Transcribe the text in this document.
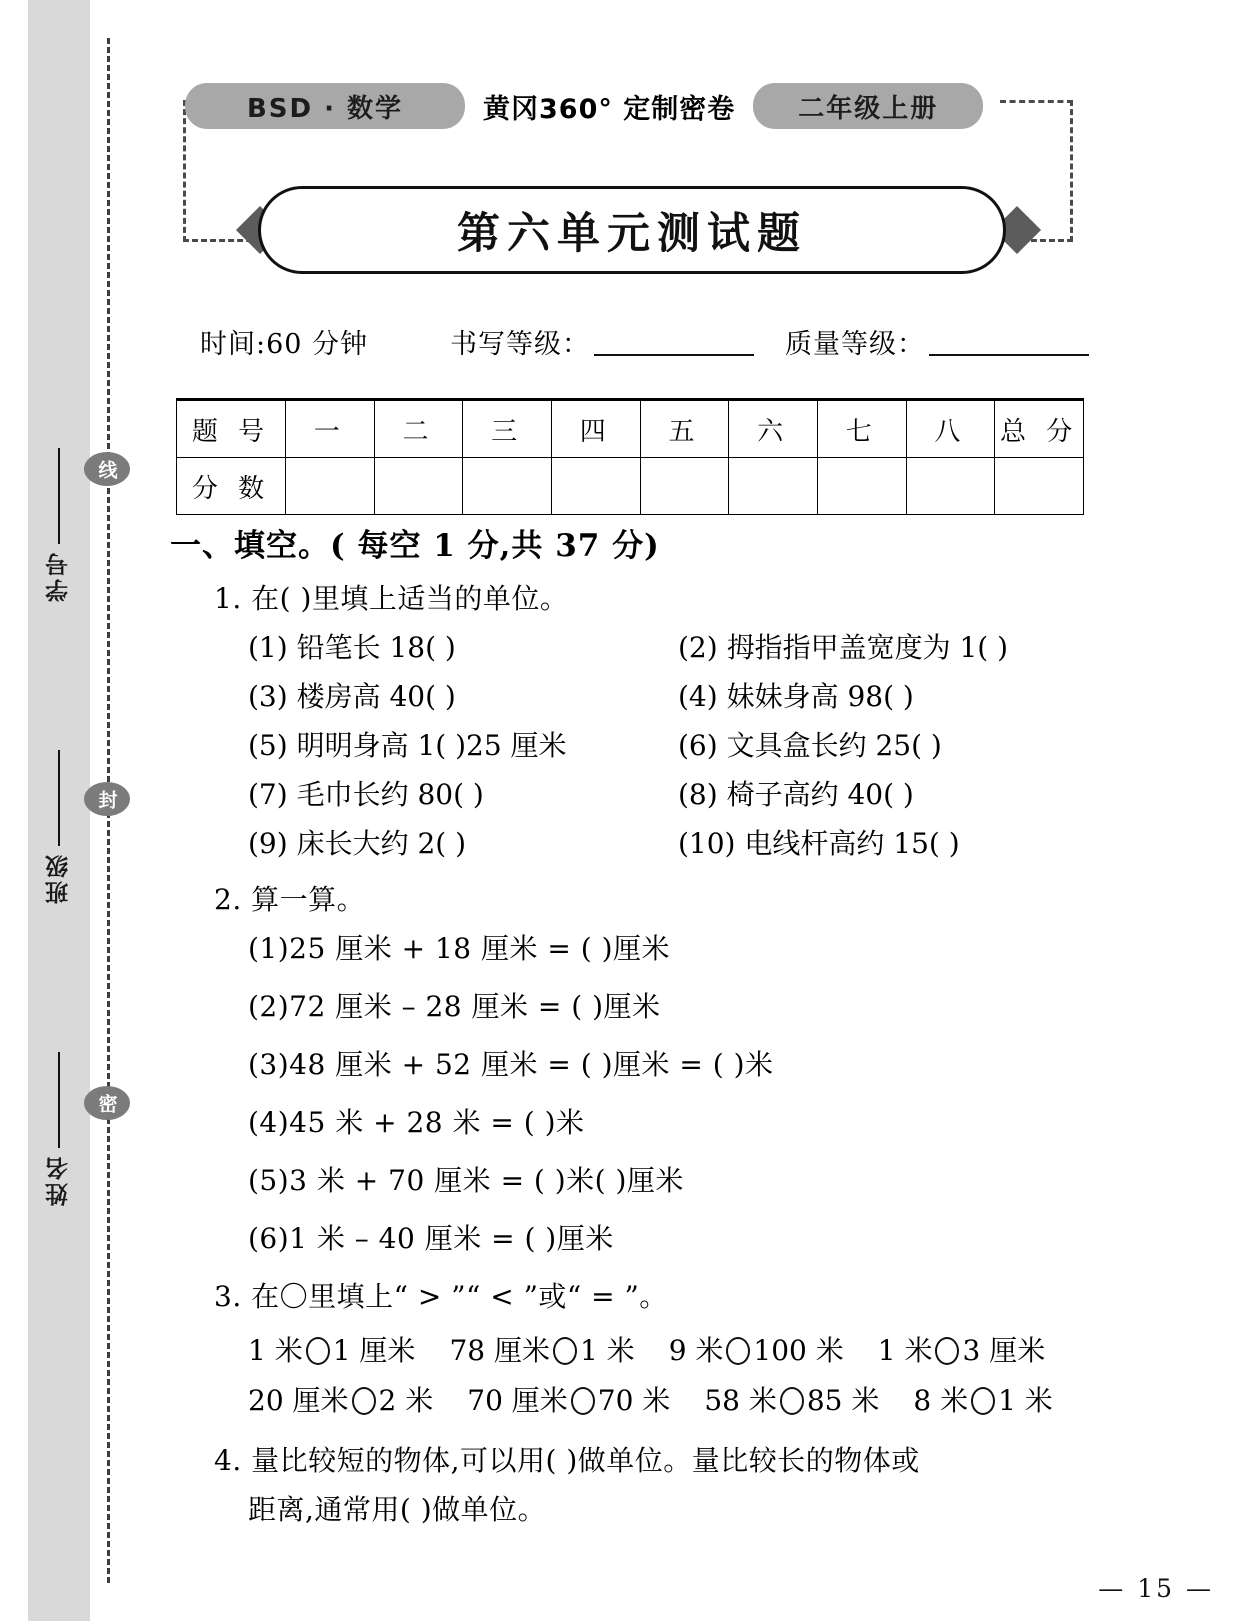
学号
班级
姓名
线
封
密
BSD · 数学	黄冈360° 定制密卷	二年级上册
第六单元测试题
时间:60 分钟	书写等级：	质量等级：
题 号	一	二	三	四	五	六	七	八	总 分
分 数									
一、填空。( 每空 1 分,共 37 分)
1. 在( )里填上适当的单位。
(1) 铅笔长 18( )	(2) 拇指指甲盖宽度为 1( )
(3) 楼房高 40( )	(4) 妹妹身高 98( )
(5) 明明身高 1( )25 厘米	(6) 文具盒长约 25( )
(7) 毛巾长约 80( )	(8) 椅子高约 40( )
(9) 床长大约 2( )	(10) 电线杆高约 15( )
2. 算一算。
(1)25 厘米 + 18 厘米 = ( )厘米
(2)72 厘米 – 28 厘米 = ( )厘米
(3)48 厘米 + 52 厘米 = ( )厘米 = ( )米
(4)45 米 + 28 米 = ( )米
(5)3 米 + 70 厘米 = ( )米( )厘米
(6)1 米 – 40 厘米 = ( )厘米
3. 在〇里填上“ > ”“ < ”或“ = ”。
1 米 1 厘米 78 厘米 1 米 9 米 100 米 1 米 3 厘米
20 厘米 2 米 70 厘米 70 米 58 米 85 米 8 米 1 米
4. 量比较短的物体,可以用( )做单位。量比较长的物体或
距离,通常用( )做单位。
— 15 —
